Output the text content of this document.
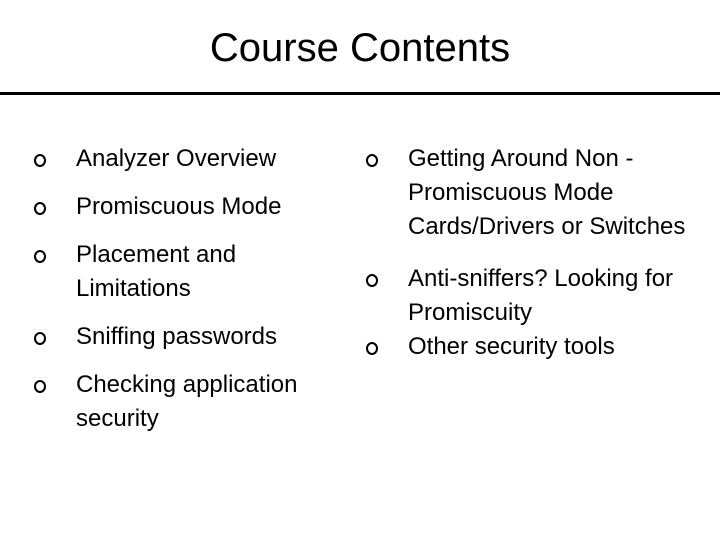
Course Contents
Analyzer Overview
Promiscuous Mode
Placement and Limitations
Sniffing passwords
Checking application security
Getting Around Non -Promiscuous Mode Cards/Drivers or Switches
Anti-sniffers? Looking for Promiscuity
Other security tools
